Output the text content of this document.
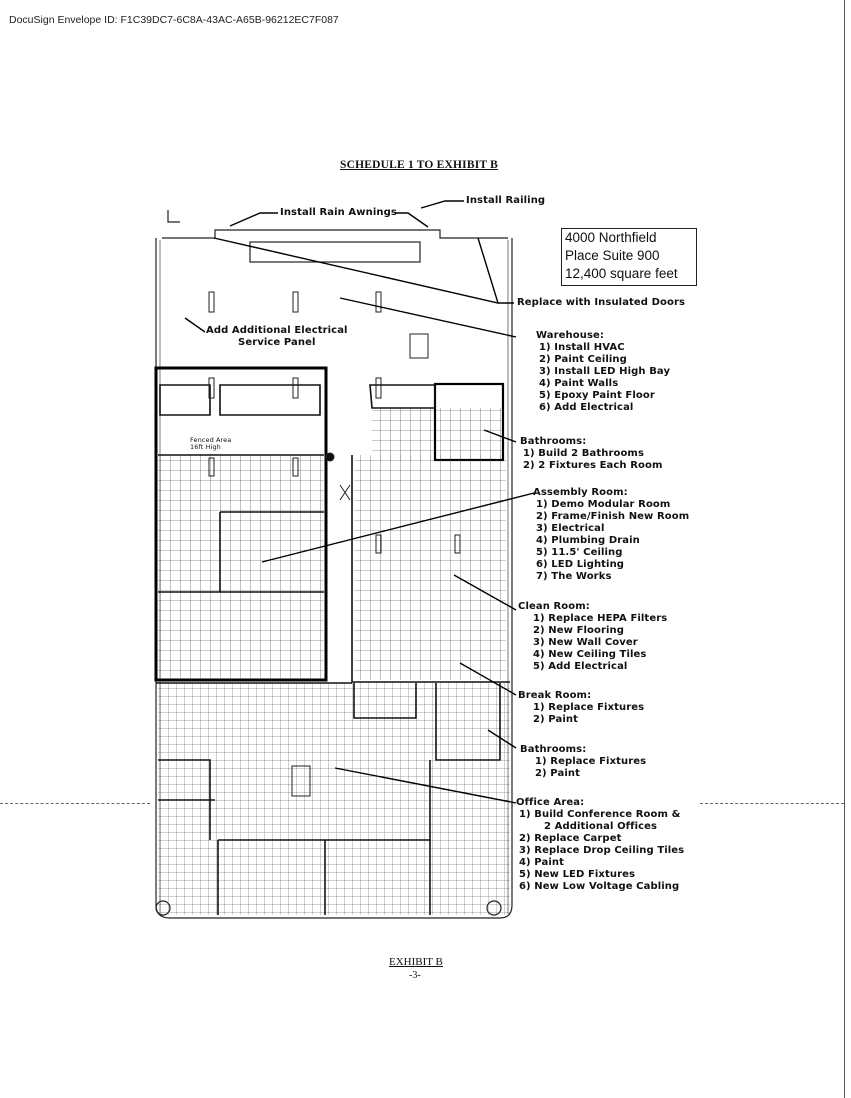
DocuSign Envelope ID: F1C39DC7-6C8A-43AC-A65B-96212EC7F087
SCHEDULE 1 TO EXHIBIT B
Fenced Area
16ft High
Install Rain Awnings
Install Railing
Replace with Insulated Doors
Add Additional Electrical
Service Panel
4000 Northfield
Place Suite 900
12,400 square feet
Warehouse:
1) Install HVAC
2) Paint Ceiling
3) Install LED High Bay
4) Paint Walls
5) Epoxy Paint Floor
6) Add Electrical
Bathrooms:
1) Build 2 Bathrooms
2) 2 Fixtures Each Room
Assembly Room:
1) Demo Modular Room
2) Frame/Finish New Room
3) Electrical
4) Plumbing Drain
5) 11.5' Ceiling
6) LED Lighting
7) The Works
Clean Room:
1) Replace HEPA Filters
2) New Flooring
3) New Wall Cover
4) New Ceiling Tiles
5) Add Electrical
Break Room:
1) Replace Fixtures
2) Paint
Bathrooms:
1) Replace Fixtures
2) Paint
Office Area:
1) Build Conference Room &
2 Additional Offices
2) Replace Carpet
3) Replace Drop Ceiling Tiles
4) Paint
5) New LED Fixtures
6) New Low Voltage Cabling
EXHIBIT B
-3-
